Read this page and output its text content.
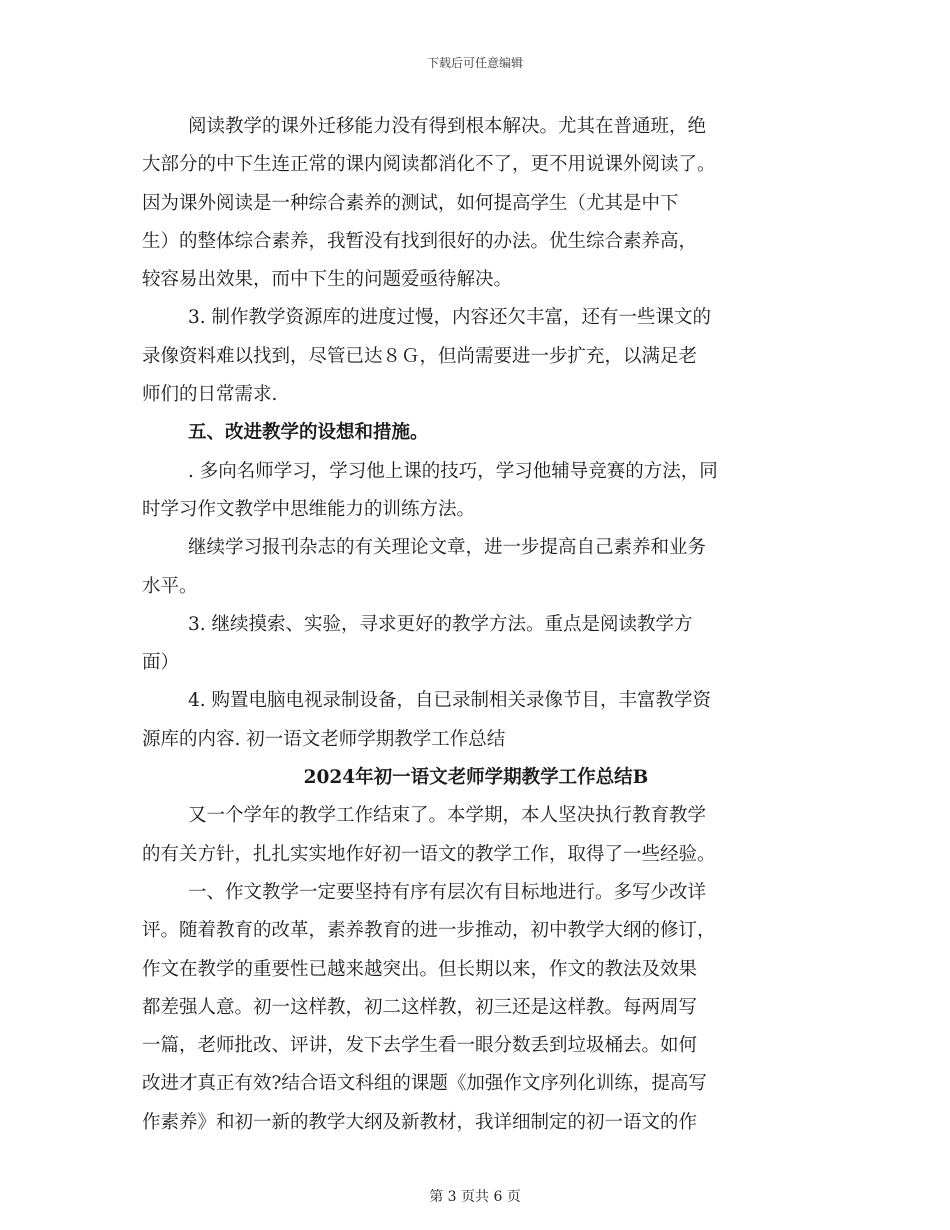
下载后可任意编辑
阅读教学的课外迁移能力没有得到根本解决。尤其在普通班，绝
大部分的中下生连正常的课内阅读都消化不了，更不用说课外阅读了。
因为课外阅读是一种综合素养的测试，如何提高学生（尤其是中下
生）的整体综合素养，我暂没有找到很好的办法。优生综合素养高，
较容易出效果，而中下生的问题爱亟待解决。
3. 制作教学资源库的进度过慢，内容还欠丰富，还有一些课文的
录像资料难以找到，尽管已达８Ｇ，但尚需要进一步扩充，以满足老
师们的日常需求.
五、改进教学的设想和措施。
. 多向名师学习，学习他上课的技巧，学习他辅导竞赛的方法，同
时学习作文教学中思维能力的训练方法。
继续学习报刊杂志的有关理论文章，进一步提高自己素养和业务
水平。
3. 继续摸索、实验，寻求更好的教学方法。重点是阅读教学方
面）
4. 购置电脑电视录制设备，自已录制相关录像节目，丰富教学资
源库的内容. 初一语文老师学期教学工作总结
2024年初一语文老师学期教学工作总结B
又一个学年的教学工作结束了。本学期，本人坚决执行教育教学
的有关方针，扎扎实实地作好初一语文的教学工作，取得了一些经验。
一、作文教学一定要坚持有序有层次有目标地进行。多写少改详
评。随着教育的改革，素养教育的进一步推动，初中教学大纲的修订，
作文在教学的重要性已越来越突出。但长期以来，作文的教法及效果
都差强人意。初一这样教，初二这样教，初三还是这样教。每两周写
一篇，老师批改、评讲，发下去学生看一眼分数丢到垃圾桶去。如何
改进才真正有效?结合语文科组的课题《加强作文序列化训练，提高写
作素养》和初一新的教学大纲及新教材，我详细制定的初一语文的作
第 3 页共 6 页
